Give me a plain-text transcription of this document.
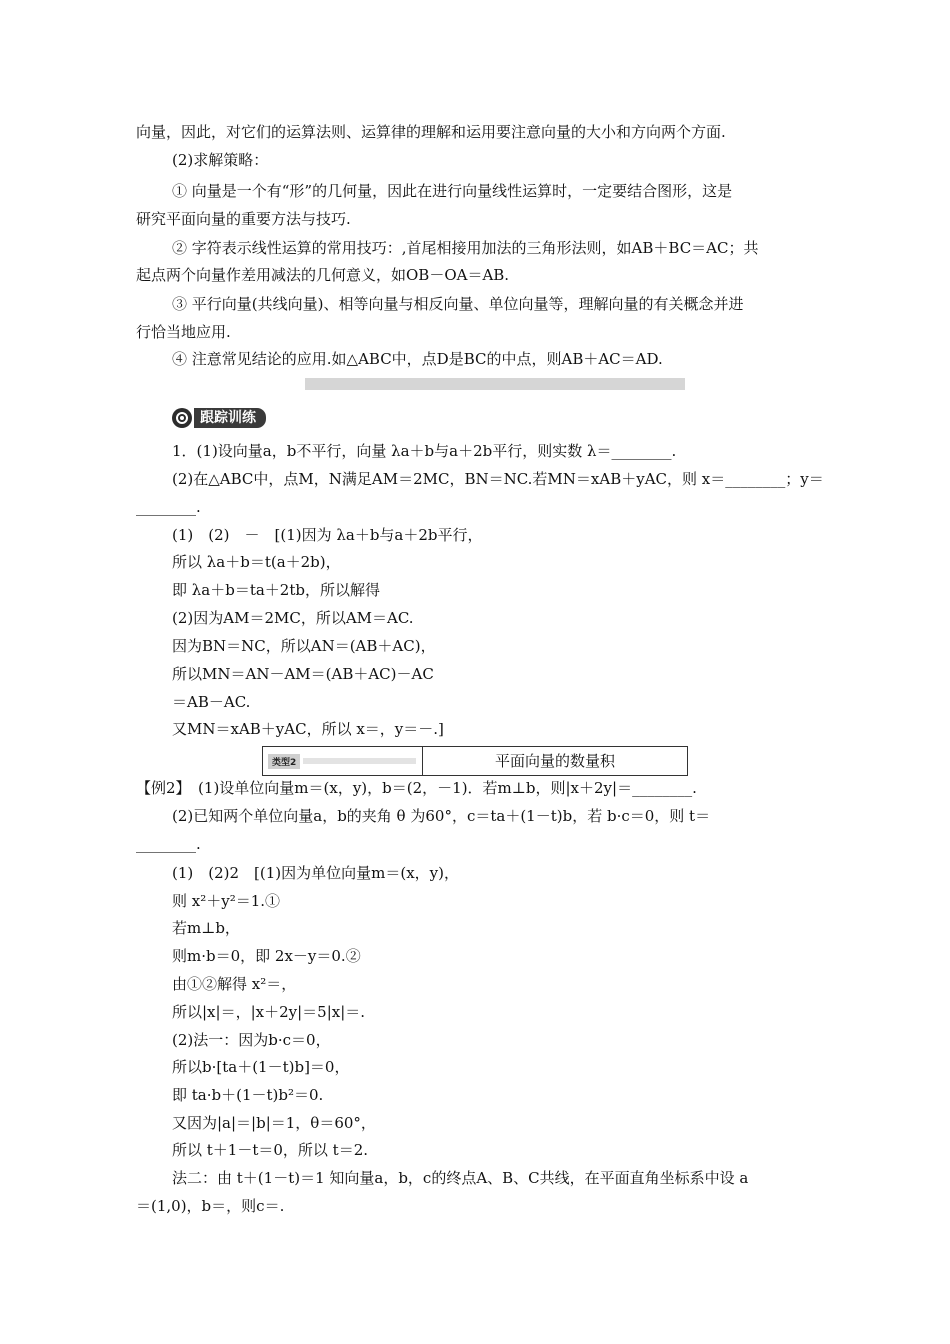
向量，因此，对它们的运算法则、运算律的理解和运用要注意向量的大小和方向两个方面.
(2)求解策略：
① 向量是一个有“形”的几何量，因此在进行向量线性运算时，一定要结合图形，这是
研究平面向量的重要方法与技巧.
② 字符表示线性运算的常用技巧：,首尾相接用加法的三角形法则，如AB＋BC＝AC；共
起点两个向量作差用减法的几何意义，如OB－OA＝AB.
③ 平行向量(共线向量)、相等向量与相反向量、单位向量等，理解向量的有关概念并进
行恰当地应用.
④ 注意常见结论的应用.如△ABC中，点D是BC的中点，则AB＋AC＝AD.
跟踪训练
1．(1)设向量a，b不平行，向量 λa＋b与a＋2b平行，则实数 λ＝________.
(2)在△ABC中，点M，N满足AM＝2MC，BN＝NC.若MN＝xAB＋yAC，则 x＝________；y＝
________.
(1)　(2)　－　[(1)因为 λa＋b与a＋2b平行，
所以 λa＋b＝t(a＋2b)，
即 λa＋b＝ta＋2tb，所以解得
(2)因为AM＝2MC，所以AM＝AC.
因为BN＝NC，所以AN＝(AB＋AC)，
所以MN＝AN－AM＝(AB＋AC)－AC
＝AB－AC.
又MN＝xAB＋yAC，所以 x＝，y＝－.]
类型2	平面向量的数量积
【例2】　(1)设单位向量m＝(x，y)，b＝(2，－1)．若m⊥b，则|x＋2y|＝________.
(2)已知两个单位向量a，b的夹角 θ 为60°，c＝ta＋(1－t)b，若 b·c＝0，则 t＝
________.
(1)　(2)2　[(1)因为单位向量m＝(x，y)，
则 x²＋y²＝1.①
若m⊥b，
则m·b＝0，即 2x－y＝0.②
由①②解得 x²＝，
所以|x|＝，|x＋2y|＝5|x|＝.
(2)法一：因为b·c＝0，
所以b·[ta＋(1－t)b]＝0，
即 ta·b＋(1－t)b²＝0.
又因为|a|＝|b|＝1，θ＝60°，
所以 t＋1－t＝0，所以 t＝2.
法二：由 t＋(1－t)＝1 知向量a，b，c的终点A、B、C共线，在平面直角坐标系中设 a
＝(1,0)，b＝，则c＝.
